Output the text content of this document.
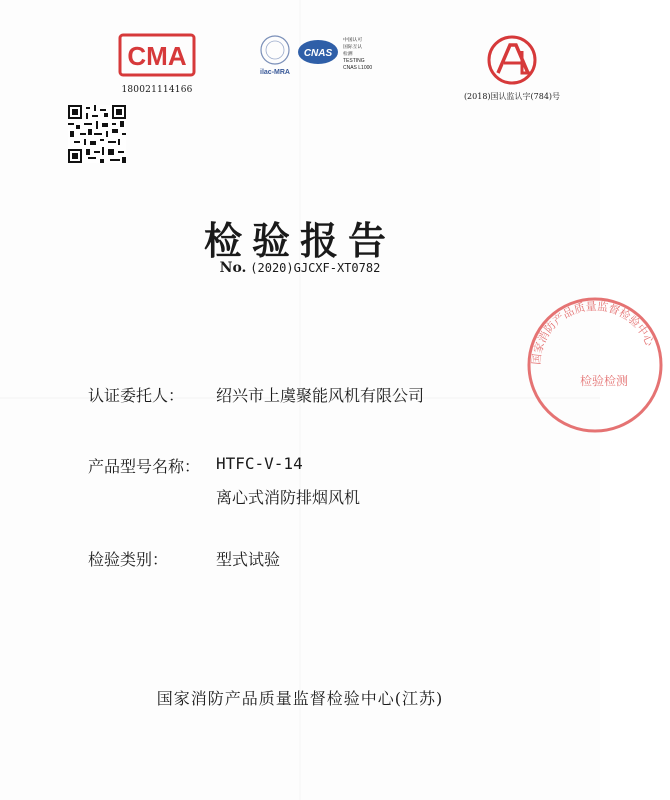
CMA
180021114166
ilac-MRA
CNAS
中国认可
国际互认
检测
TESTING
CNAS L1000
(2018)国认监认字(784)号
检验报告
No. (2020)GJCXF-XT0782
认证委托人： 绍兴市上虞聚能风机有限公司
产品型号名称： HTFC-V-14
离心式消防排烟风机
检验类别：	型式试验
国家消防产品质量监督检验中心(江苏)
国家消防产品质量监督检验中心
检验检测
